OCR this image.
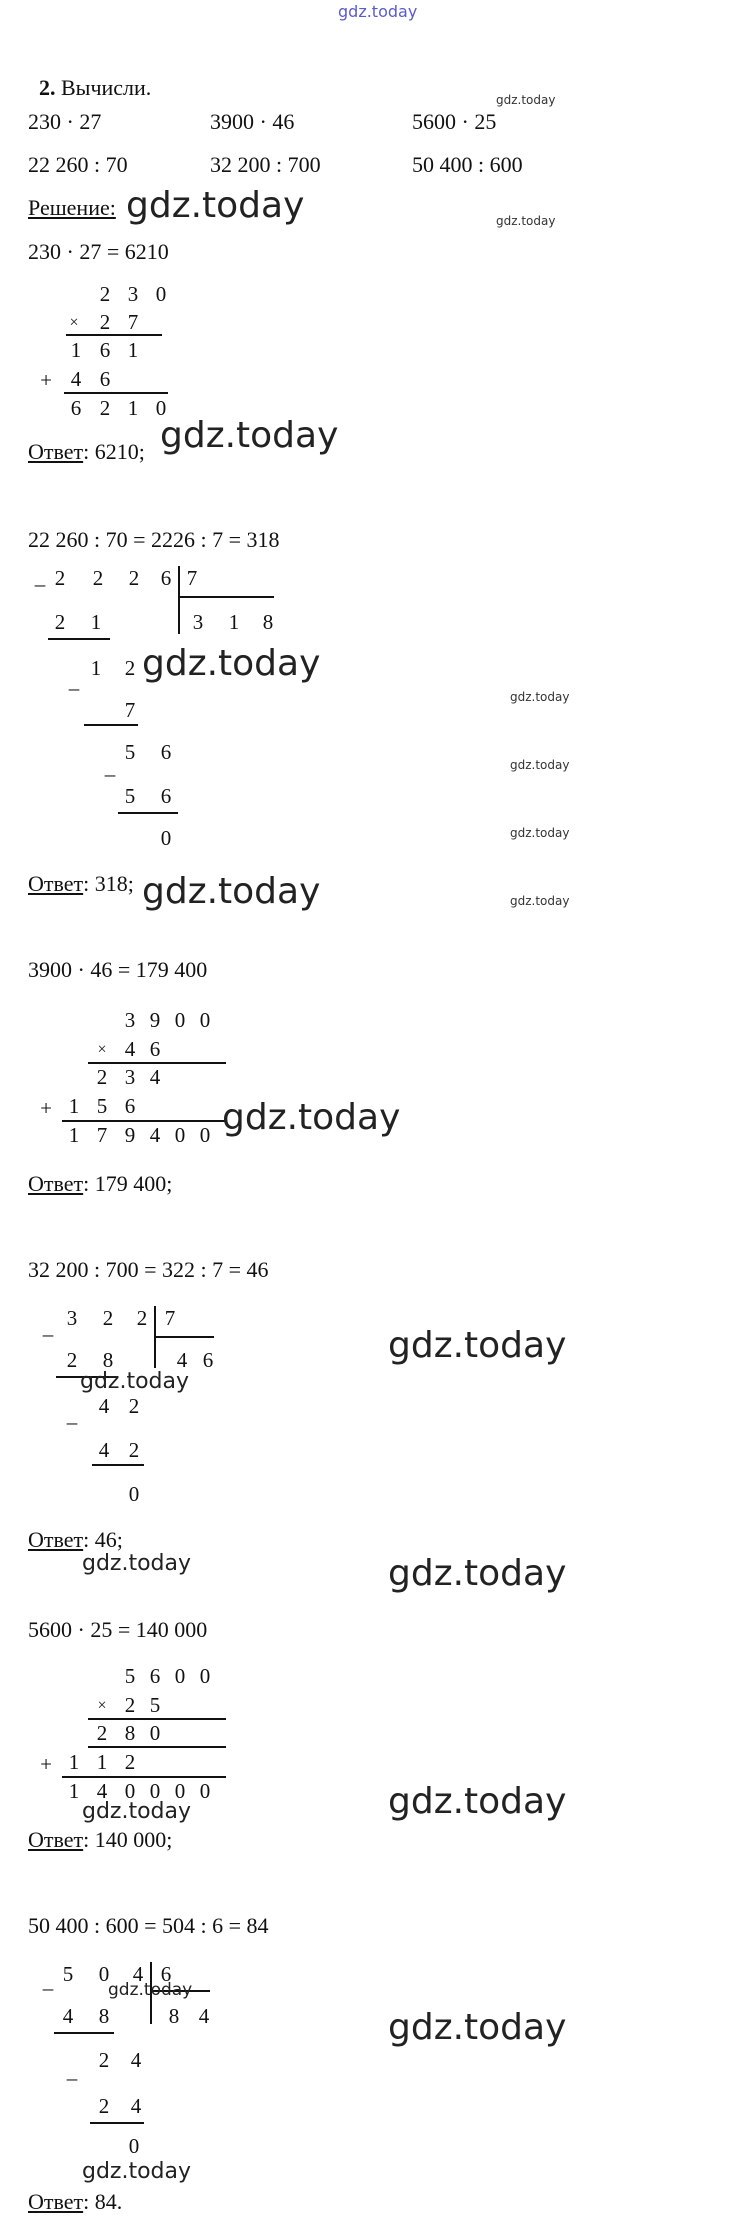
gdz.today

2. Вычисли.

230 · 27	3900 · 46	5600 · 25
22 260 : 70	32 200 : 700	50 400 : 600
gdz.today
Решение: gdz.today	gdz.today
230 · 27 = 6210
2 3 0
× 2 7
1 6 1
+ 4 6
6 2 1 0
Ответ: 6210; gdz.today
22 260 : 70 = 2226 : 7 = 318
– 2 2 2 6 7
3 1 8
2 1
–
1 2
7
–
5 6
5 6
0
gdz.today
gdz.today
gdz.today
gdz.today
gdz.today
Ответ: 318; gdz.today
3900 · 46 = 179 400
3 9 0 0
× 4 6
2 3 4
+ 1 5 6
1 7 9 4 0 0 gdz.today
Ответ: 179 400;
32 200 : 700 = 322 : 7 = 46
–
3 2 2 7
4 6
2 8
–
4 2
4 2
0
gdz.today
gdz.today
Ответ: 46;
gdz.today	gdz.today
5600 · 25 = 140 000
5 6 0 0
× 2 5
2 8 0
+ 1 1 2
1 4 0 0 0 0
gdz.today	gdz.today
Ответ: 140 000;
50 400 : 600 = 504 : 6 = 84
–
5 0 4 6
8 4
4 8
–
2 4
2 4
0
gdz.today
gdz.today
gdz.today
Ответ: 84.
